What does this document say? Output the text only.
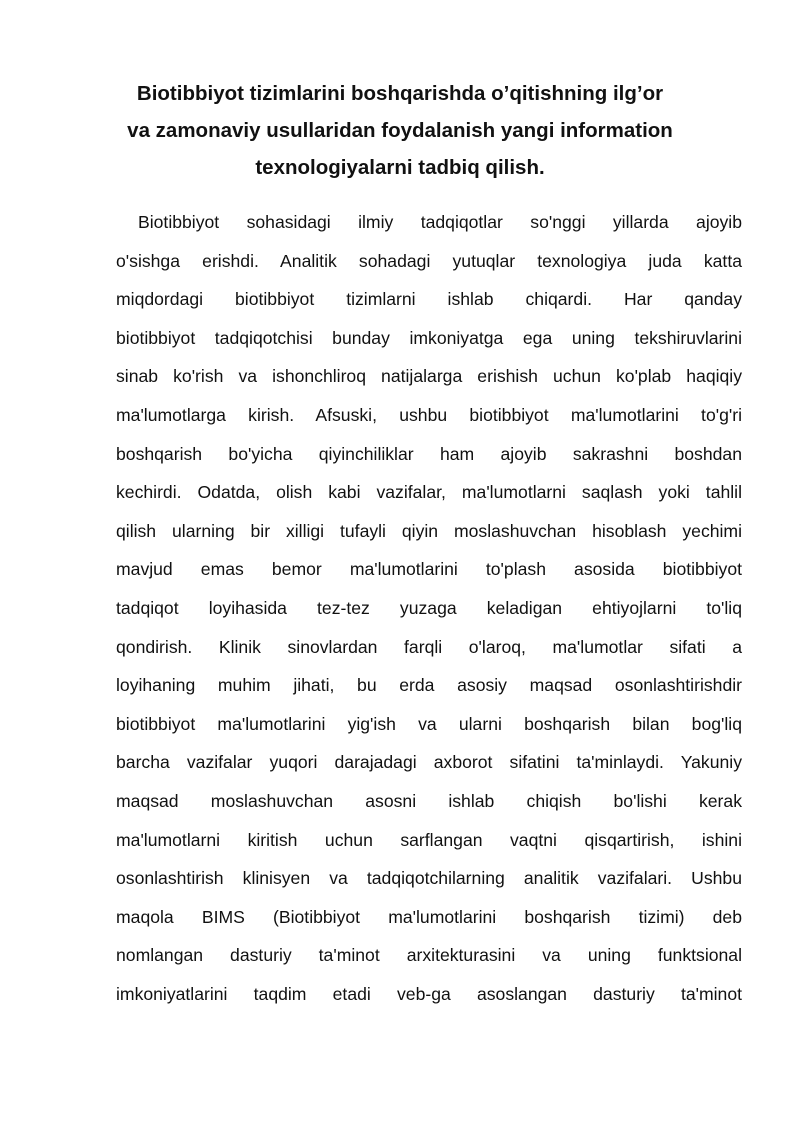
Biotibbiyot tizimlarini boshqarishda o’qitishning ilg’or
va zamonaviy usullaridan foydalanish yangi information
texnologiyalarni tadbiq qilish.
Biotibbiyot sohasidagi ilmiy tadqiqotlar so'nggi yillarda ajoyib
o'sishga erishdi. Analitik sohadagi yutuqlar texnologiya juda katta
miqdordagi biotibbiyot tizimlarni ishlab chiqardi. Har qanday
biotibbiyot tadqiqotchisi bunday imkoniyatga ega uning tekshiruvlarini
sinab ko'rish va ishonchliroq natijalarga erishish uchun ko'plab haqiqiy
ma'lumotlarga kirish. Afsuski, ushbu biotibbiyot ma'lumotlarini to'g'ri
boshqarish bo'yicha qiyinchiliklar ham ajoyib sakrashni boshdan
kechirdi. Odatda, olish kabi vazifalar, ma'lumotlarni saqlash yoki tahlil
qilish ularning bir xilligi tufayli qiyin moslashuvchan hisoblash yechimi
mavjud emas bemor ma'lumotlarini to'plash asosida biotibbiyot
tadqiqot loyihasida tez-tez yuzaga keladigan ehtiyojlarni to'liq
qondirish. Klinik sinovlardan farqli o'laroq, ma'lumotlar sifati a
loyihaning muhim jihati, bu erda asosiy maqsad osonlashtirishdir
biotibbiyot ma'lumotlarini yig'ish va ularni boshqarish bilan bog'liq
barcha vazifalar yuqori darajadagi axborot sifatini ta'minlaydi. Yakuniy
maqsad moslashuvchan asosni ishlab chiqish bo'lishi kerak
ma'lumotlarni kiritish uchun sarflangan vaqtni qisqartirish, ishini
osonlashtirish klinisyen va tadqiqotchilarning analitik vazifalari. Ushbu
maqola BIMS (Biotibbiyot ma'lumotlarini boshqarish tizimi) deb
nomlangan dasturiy ta'minot arxitekturasini va uning funktsional
imkoniyatlarini taqdim etadi veb-ga asoslangan dasturiy ta'minot
